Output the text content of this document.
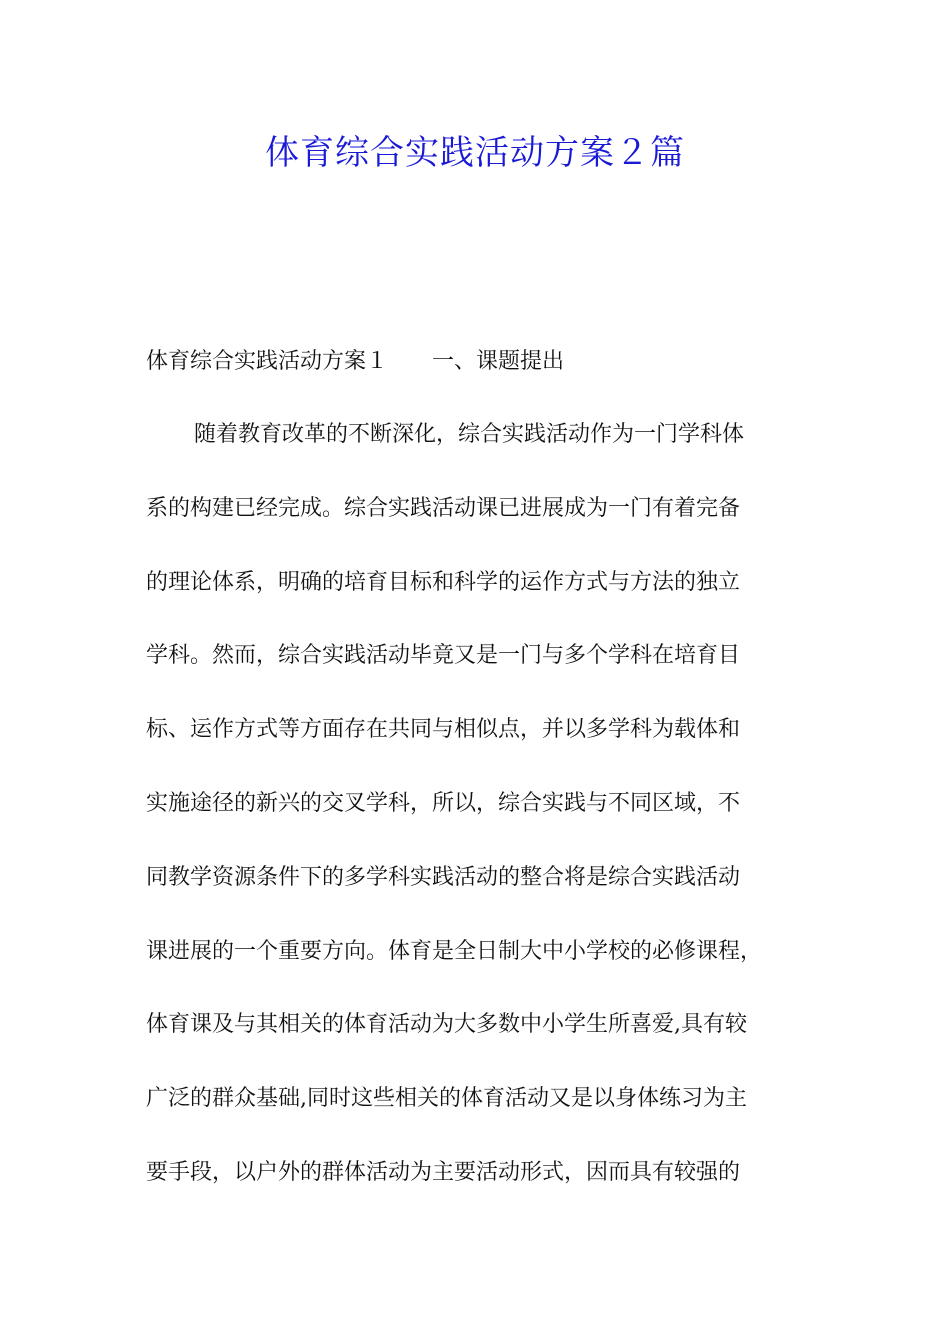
体育综合实践活动方案２篇
体育综合实践活动方案１ 一、课题提出
随着教育改革的不断深化，综合实践活动作为一门学科体
系的构建已经完成。综合实践活动课已进展成为一门有着完备
的理论体系，明确的培育目标和科学的运作方式与方法的独立
学科。然而，综合实践活动毕竟又是一门与多个学科在培育目
标、运作方式等方面存在共同与相似点，并以多学科为载体和
实施途径的新兴的交叉学科，所以，综合实践与不同区域，不
同教学资源条件下的多学科实践活动的整合将是综合实践活动
课进展的一个重要方向。体育是全日制大中小学校的必修课程，
体育课及与其相关的体育活动为大多数中小学生所喜爱,具有较
广泛的群众基础,同时这些相关的体育活动又是以身体练习为主
要手段，以户外的群体活动为主要活动形式，因而具有较强的
